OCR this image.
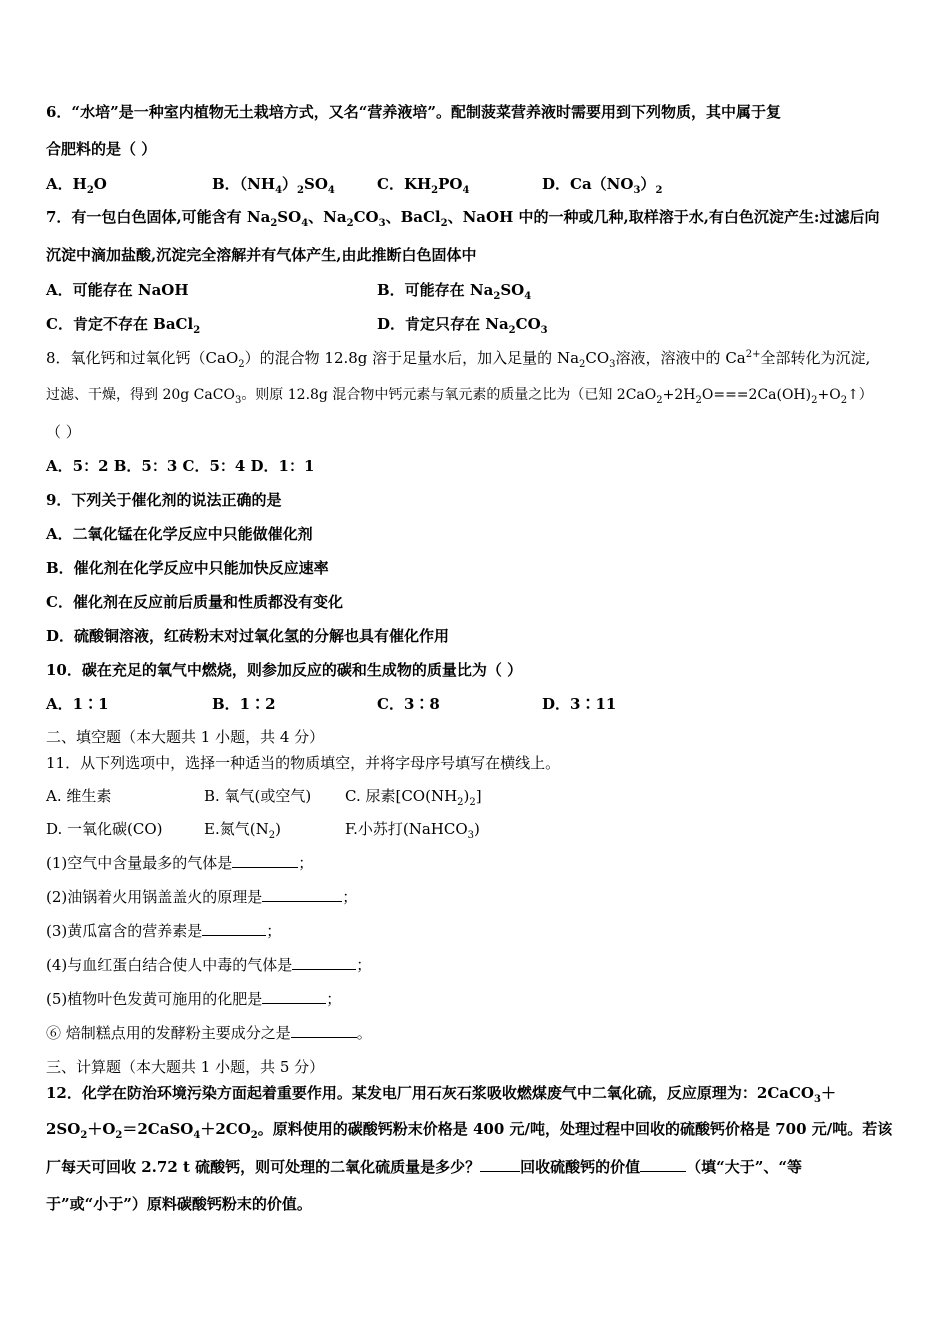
6．“水培”是一种室内植物无土栽培方式，又名“营养液培”。配制菠菜营养液时需要用到下列物质，其中属于复
合肥料的是（ ）
A．$H_2O$	B．$(NH_4)_2SO_4$	C．$KH_2PO_4$	D．$Ca(NO_3)_2$
7．有一包白色固体,可能含有 $Na_2SO_4$、$Na_2CO_3$、BaCl$_2$、NaOH 中的一种或几种,取样溶于水,有白色沉淀产生:过滤后向
沉淀中滴加盐酸,沉淀完全溶解并有气体产生,由此推断白色固体中
A．可能存在 NaOH	B．可能存在 $Na_2SO_4$
C．肯定不存在 BaCl$_2$	D．肯定只存在 $Na_2CO_3$
8．氧化钙和过氧化钙（CaO$_2$）的混合物 12.8g 溶于足量水后，加入足量的 $Na_2CO_3$溶液，溶液中的 $Ca^{2+}$全部转化为沉淀,
过滤、干燥，得到 20g CaCO$_3$。则原 12.8g 混合物中钙元素与氧元素的质量之比为（已知 $2CaO_2+2H_2O===2Ca(OH)_2+O_2↑$）
（ ）
A．5：2 B．5：3 C．5：4 D．1：1
9．下列关于催化剂的说法正确的是
A．二氧化锰在化学反应中只能做催化剂
B．催化剂在化学反应中只能加快反应速率
C．催化剂在反应前后质量和性质都没有变化
D．硫酸铜溶液，红砖粉末对过氧化氢的分解也具有催化作用
10．碳在充足的氧气中燃烧，则参加反应的碳和生成物的质量比为（ ）
A．1∶1	B．1∶2	C．3∶8	D．3∶11
二、填空题（本大题共 1 小题，共 4 分）
11．从下列选项中，选择一种适当的物质填空，并将字母序号填写在横线上。
A. 维生素	B. 氧气(或空气) C. 尿素$[CO(NH_2)_2]$
D. 一氧化碳(CO)	E.氮气$(N_2)$	F.小苏打(NaHCO$_3$)
(1)空气中含量最多的气体是	；
(2)油锅着火用锅盖盖火的原理是	；
(3)黄瓜富含的营养素是	；
(4)与血红蛋白结合使人中毒的气体是	；
(5)植物叶色发黄可施用的化肥是	；
⑥ 焙制糕点用的发酵粉主要成分之是	。
三、计算题（本大题共 1 小题，共 5 分）
12．化学在防治环境污染方面起着重要作用。某发电厂用石灰石浆吸收燃煤废气中二氧化硫，反应原理为：2CaCO$_3$＋
$2SO_2+O_2=2CaSO_4+2CO_2$。原料使用的碳酸钙粉末价格是 400 元/吨，处理过程中回收的硫酸钙价格是 700 元/吨。若该
厂每天可回收 2.72 t 硫酸钙，则可处理的二氧化硫质量是多少？	回收硫酸钙的价值	（填“大于”、“等
于”或“小于”）原料碳酸钙粉末的价值。
